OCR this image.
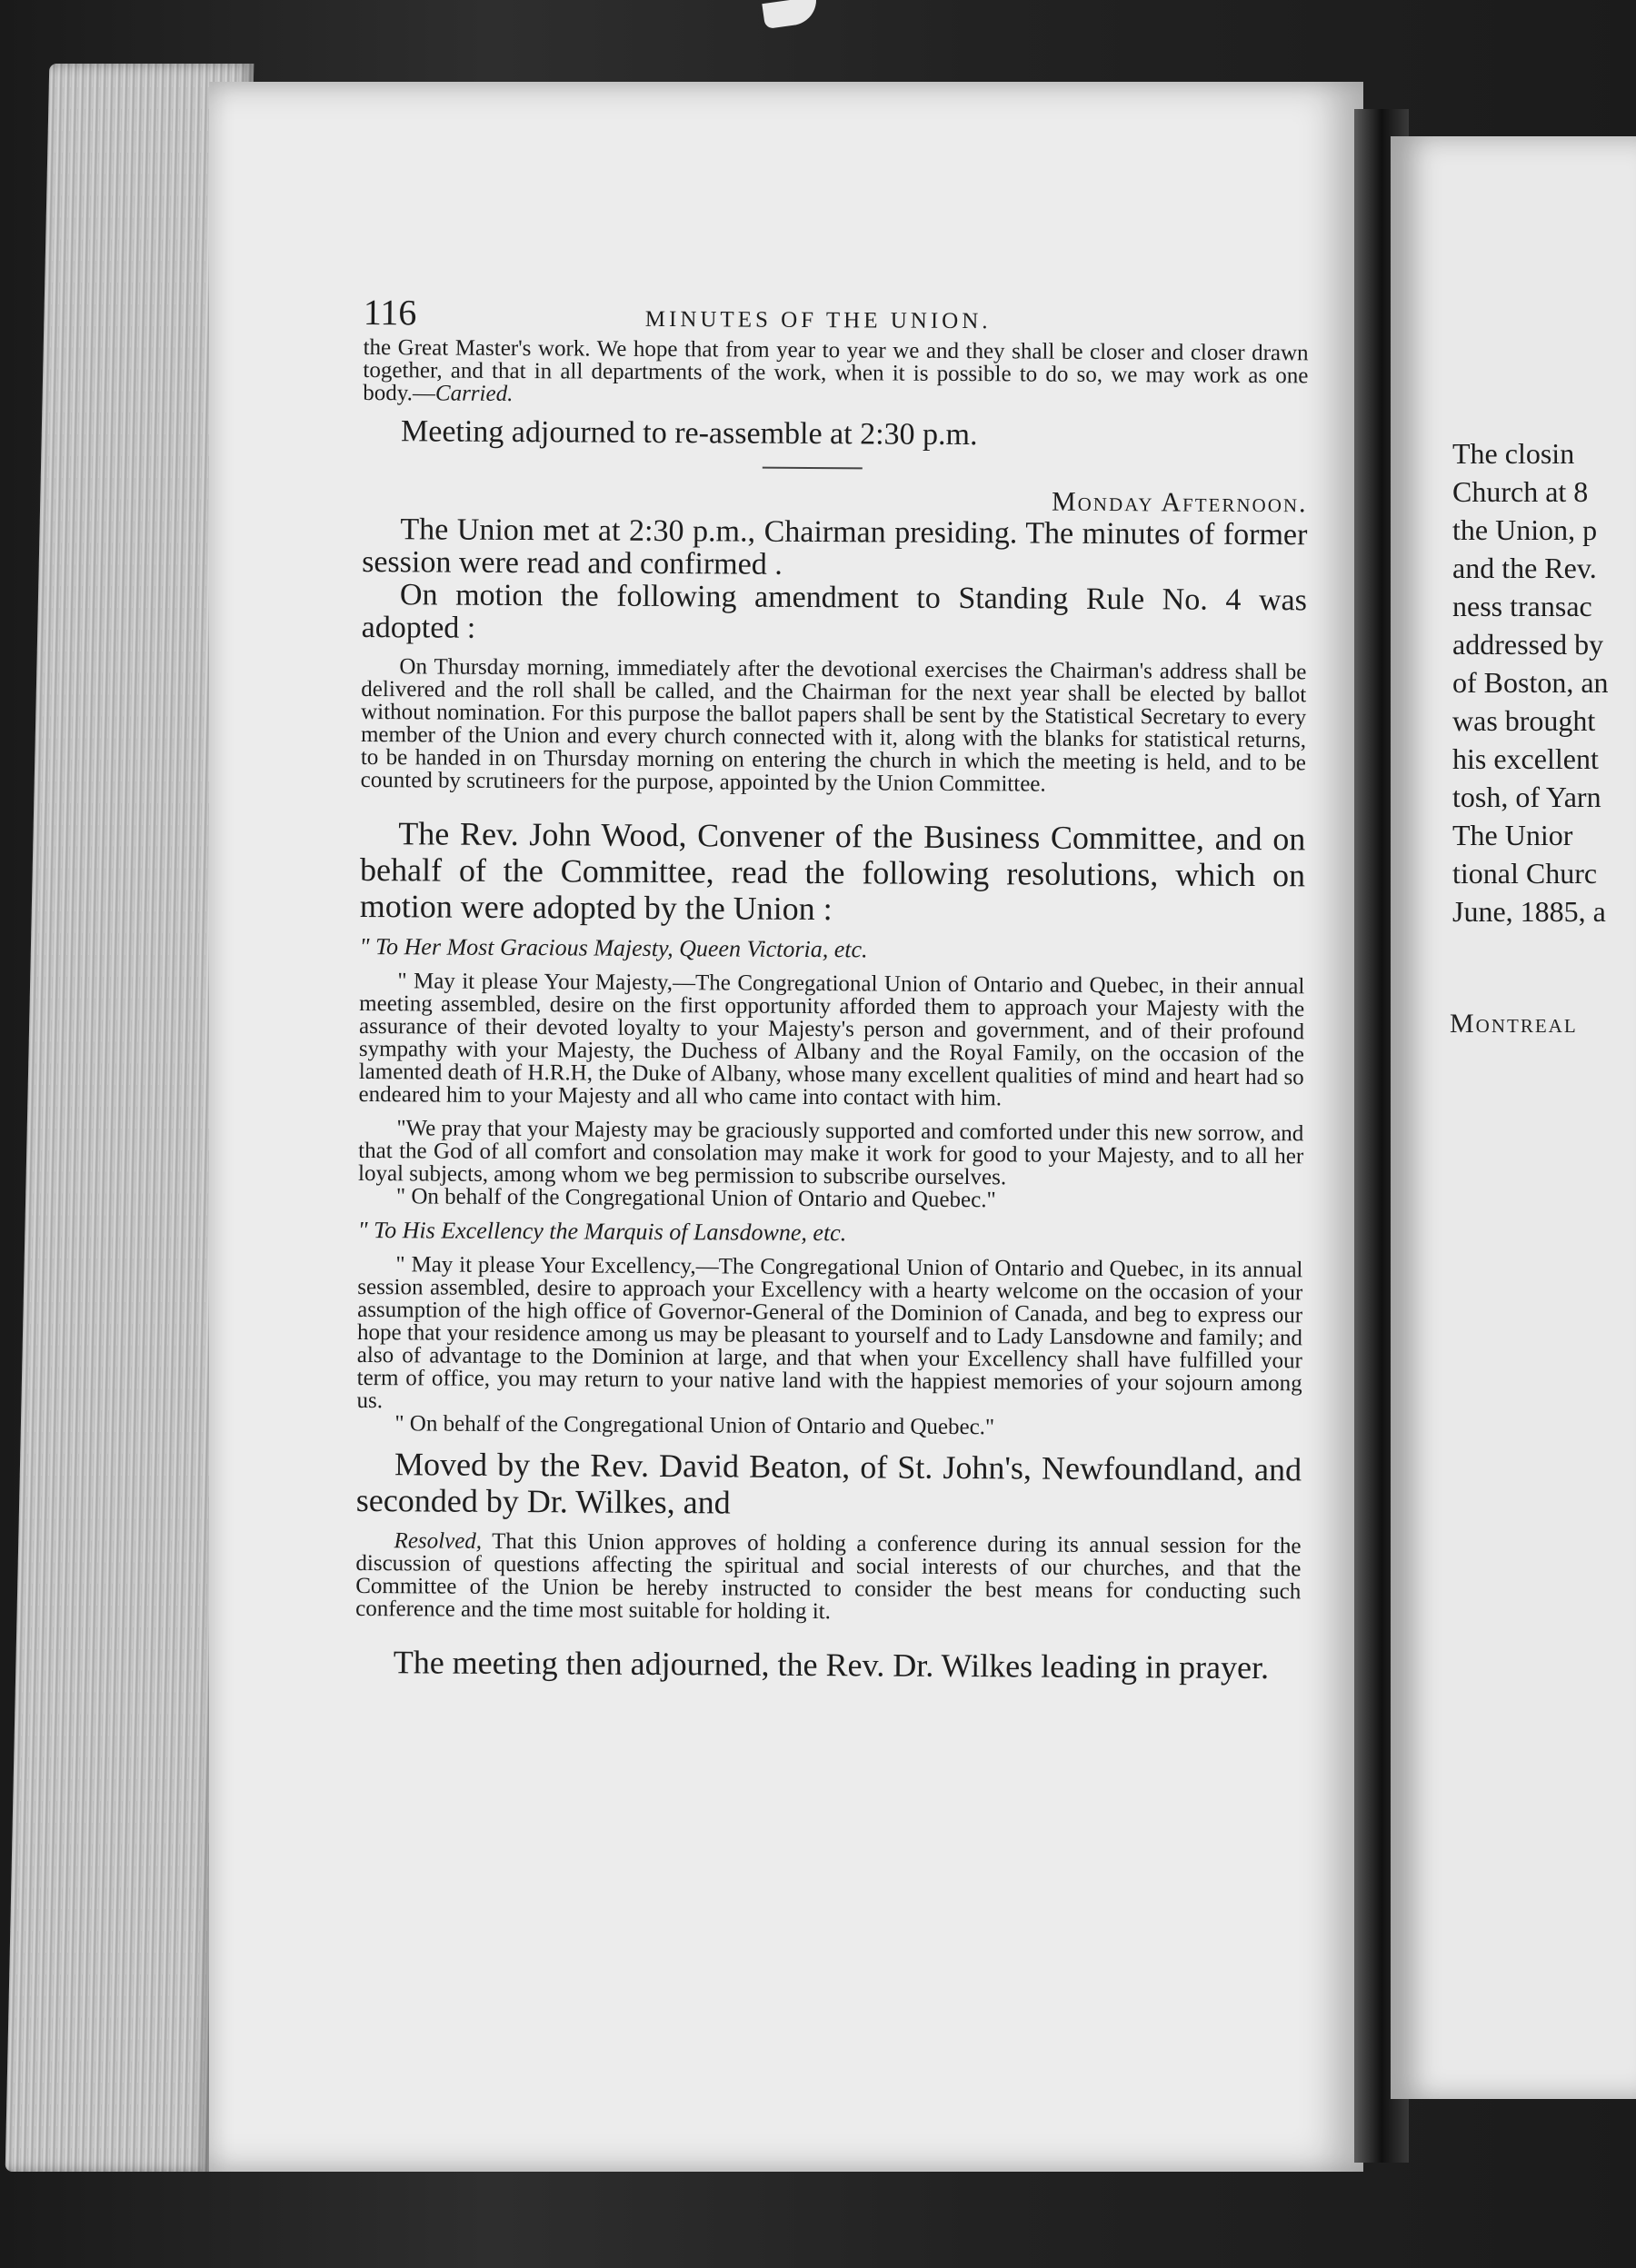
116	MINUTES OF THE UNION.

the Great Master's work. We hope that from year to year we and they shall be closer and closer drawn together, and that in all departments of the work, when it is possible to do so, we may work as one body.—Carried.

Meeting adjourned to re-assemble at 2:30 p.m.

Monday Afternoon.

The Union met at 2:30 p.m., Chairman presiding. The minutes of former session were read and confirmed .

On motion the following amendment to Standing Rule No. 4 was adopted :

On Thursday morning, immediately after the devotional exercises the Chairman's address shall be delivered and the roll shall be called, and the Chairman for the next year shall be elected by ballot without nomination. For this purpose the ballot papers shall be sent by the Statistical Secretary to every member of the Union and every church connected with it, along with the blanks for statistical returns, to be handed in on Thursday morning on entering the church in which the meeting is held, and to be counted by scrutineers for the purpose, appointed by the Union Committee.

The Rev. John Wood, Convener of the Business Committee, and on behalf of the Committee, read the following resolutions, which on motion were adopted by the Union :

" To Her Most Gracious Majesty, Queen Victoria, etc.

" May it please Your Majesty,—The Congregational Union of Ontario and Quebec, in their annual meeting assembled, desire on the first opportunity afforded them to approach your Majesty with the assurance of their devoted loyalty to your Majesty's person and government, and of their profound sympathy with your Majesty, the Duchess of Albany and the Royal Family, on the occasion of the lamented death of H.R.H, the Duke of Albany, whose many excellent qualities of mind and heart had so endeared him to your Majesty and all who came into contact with him.

"We pray that your Majesty may be graciously supported and comforted under this new sorrow, and that the God of all comfort and consolation may make it work for good to your Majesty, and to all her loyal subjects, among whom we beg permission to subscribe ourselves.

" On behalf of the Congregational Union of Ontario and Quebec."

" To His Excellency the Marquis of Lansdowne, etc.

" May it please Your Excellency,—The Congregational Union of Ontario and Quebec, in its annual session assembled, desire to approach your Excellency with a hearty welcome on the occasion of your assumption of the high office of Governor-General of the Dominion of Canada, and beg to express our hope that your residence among us may be pleasant to yourself and to Lady Lansdowne and family; and also of advantage to the Dominion at large, and that when your Excellency shall have fulfilled your term of office, you may return to your native land with the happiest memories of your sojourn among us.

" On behalf of the Congregational Union of Ontario and Quebec."

Moved by the Rev. David Beaton, of St. John's, Newfoundland, and seconded by Dr. Wilkes, and

Resolved, That this Union approves of holding a conference during its annual session for the discussion of questions affecting the spiritual and social interests of our churches, and that the Committee of the Union be hereby instructed to consider the best means for conducting such conference and the time most suitable for holding it.

The meeting then adjourned, the Rev. Dr. Wilkes leading in prayer.

The closin
Church at 8
the Union, p
and the Rev.
ness transac
addressed by
of Boston, an
was brought
his excellent
tosh, of Yarn
The Unior
tional Churc
June, 1885, a
Montreal
